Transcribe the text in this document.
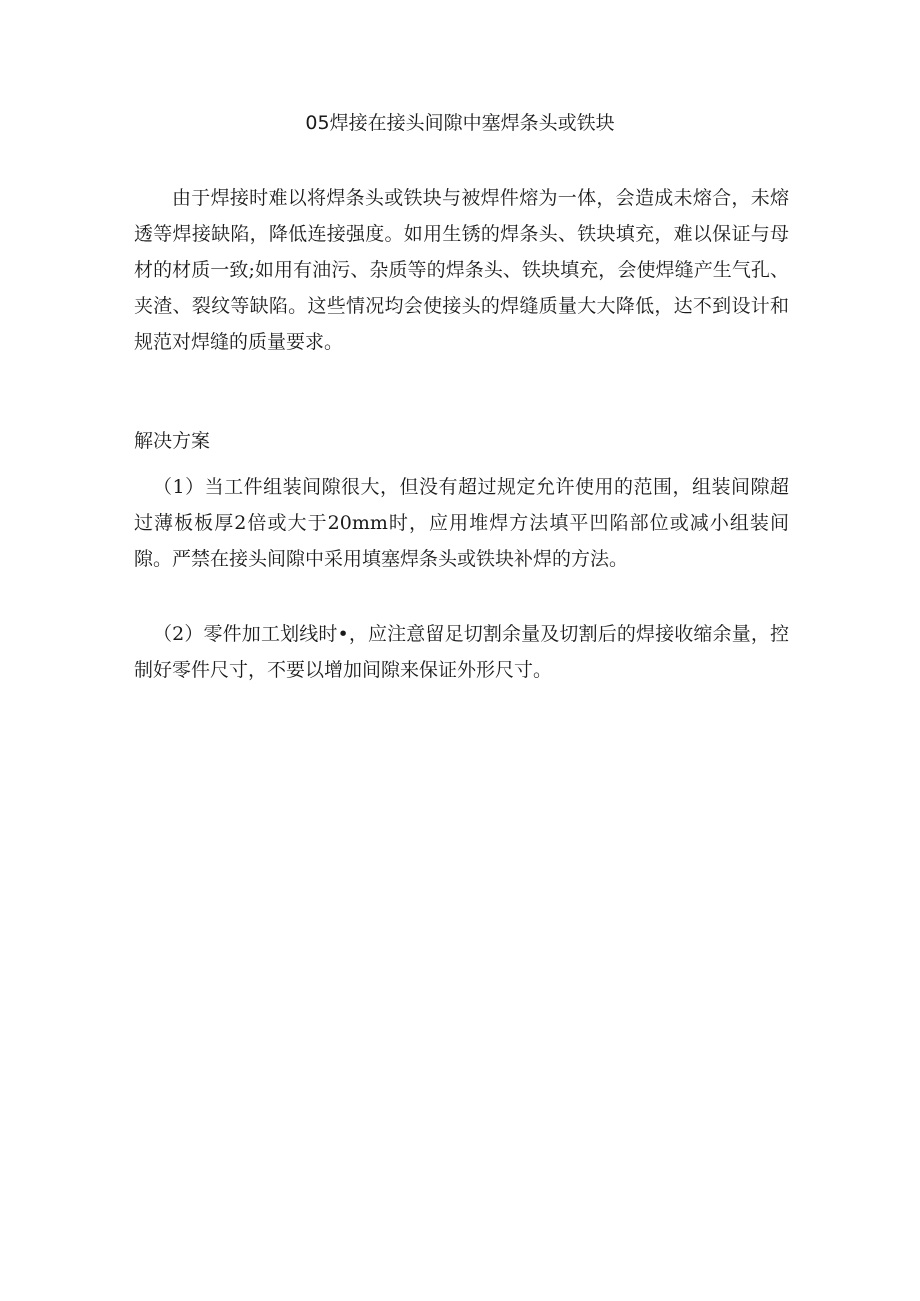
05焊接在接头间隙中塞焊条头或铁块

由于焊接时难以将焊条头或铁块与被焊件熔为一体，会造成未熔合，未熔透等焊接缺陷，降低连接强度。如用生锈的焊条头、铁块填充，难以保证与母材的材质一致;如用有油污、杂质等的焊条头、铁块填充，会使焊缝产生气孔、夹渣、裂纹等缺陷。这些情况均会使接头的焊缝质量大大降低，达不到设计和规范对焊缝的质量要求。

解决方案

（1）当工件组装间隙很大，但没有超过规定允许使用的范围，组装间隙超过薄板板厚2倍或大于20mm时，应用堆焊方法填平凹陷部位或减小组装间隙。严禁在接头间隙中采用填塞焊条头或铁块补焊的方法。

（2）零件加工划线时•，应注意留足切割余量及切割后的焊接收缩余量，控制好零件尺寸，不要以增加间隙来保证外形尺寸。
